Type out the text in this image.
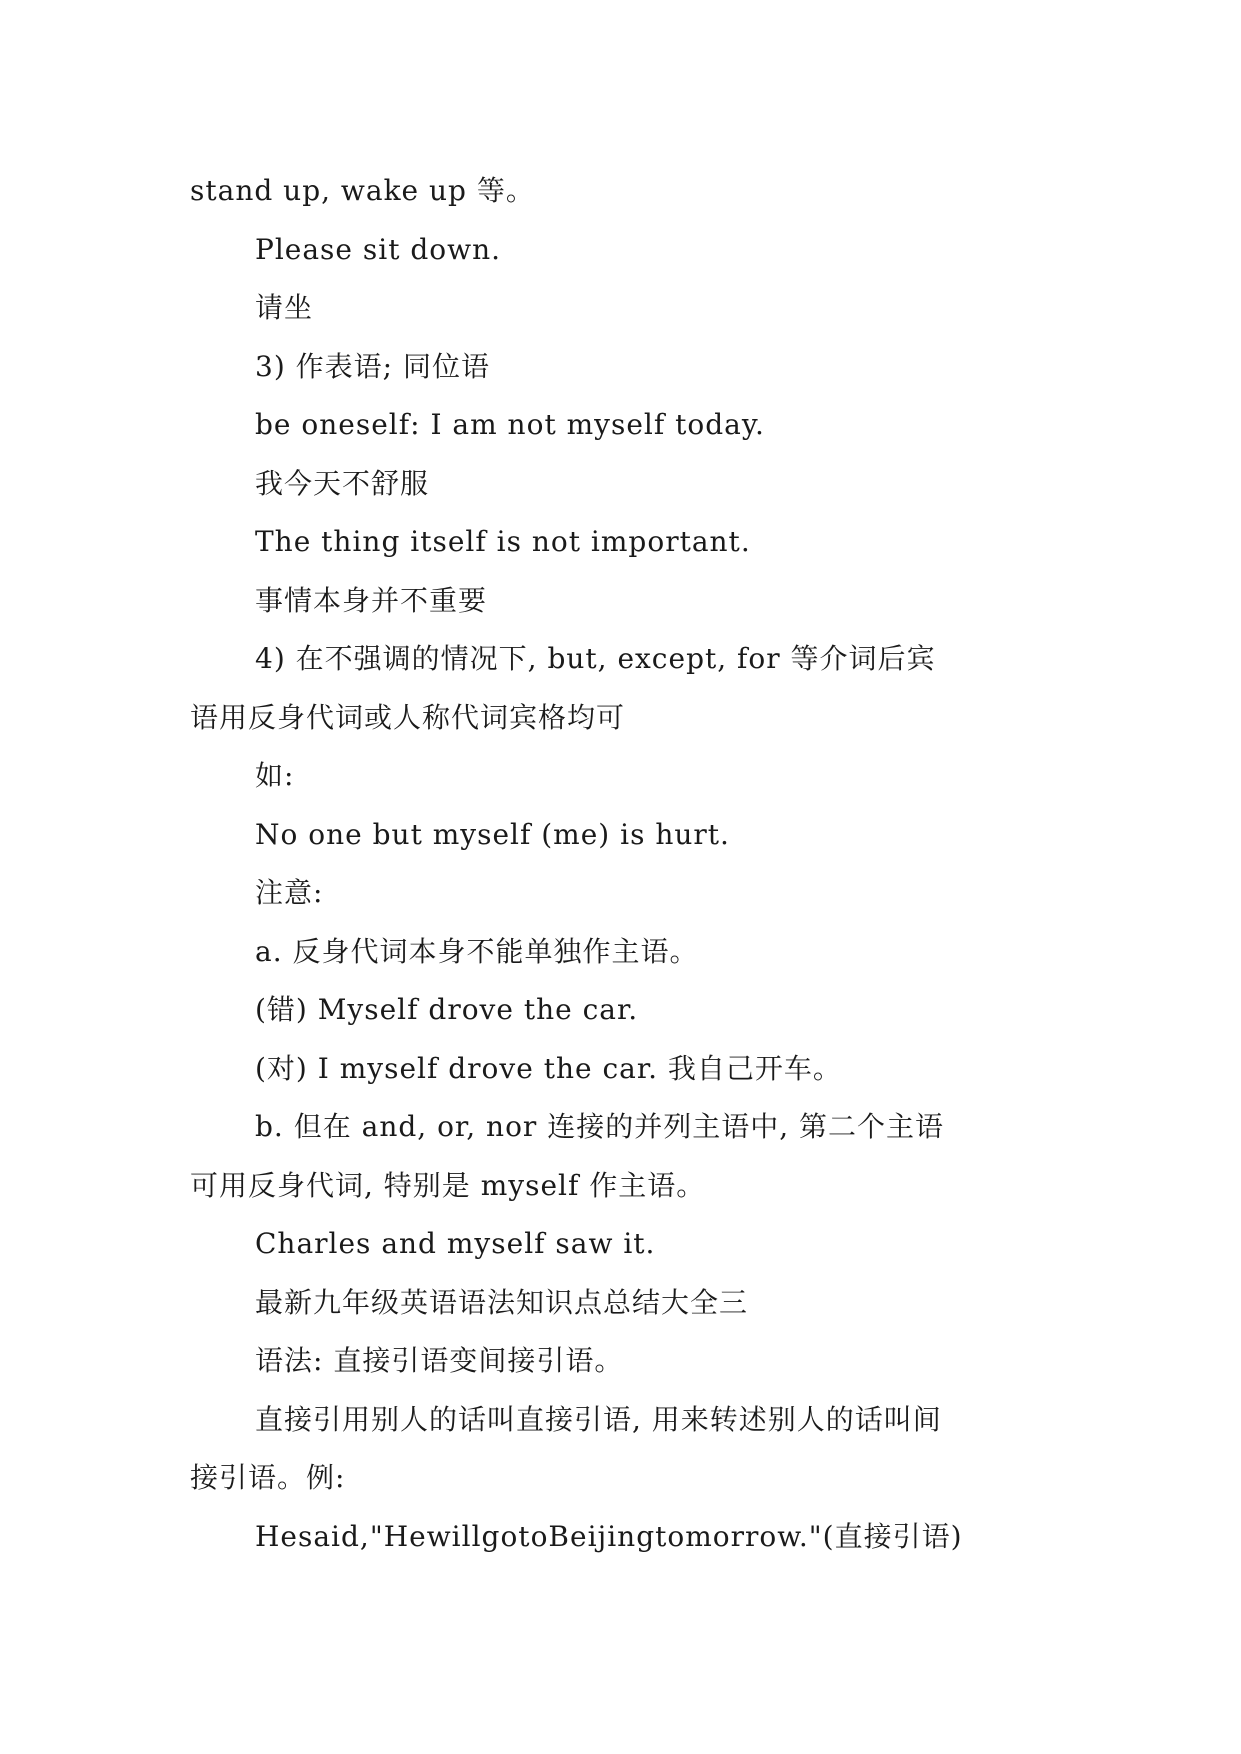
stand up, wake up 等。
Please sit down.
请坐
3) 作表语; 同位语
be oneself: I am not myself today.
我今天不舒服
The thing itself is not important.
事情本身并不重要
4) 在不强调的情况下, but, except, for 等介词后宾
语用反身代词或人称代词宾格均可
如:
No one but myself (me) is hurt.
注意:
a. 反身代词本身不能单独作主语。
(错) Myself drove the car.
(对) I myself drove the car. 我自己开车。
b. 但在 and, or, nor 连接的并列主语中, 第二个主语
可用反身代词, 特别是 myself 作主语。
Charles and myself saw it.
最新九年级英语语法知识点总结大全三
语法: 直接引语变间接引语。
直接引用别人的话叫直接引语, 用来转述别人的话叫间
接引语。例:
Hesaid,"HewillgotoBeijingtomorrow."(直接引语)
